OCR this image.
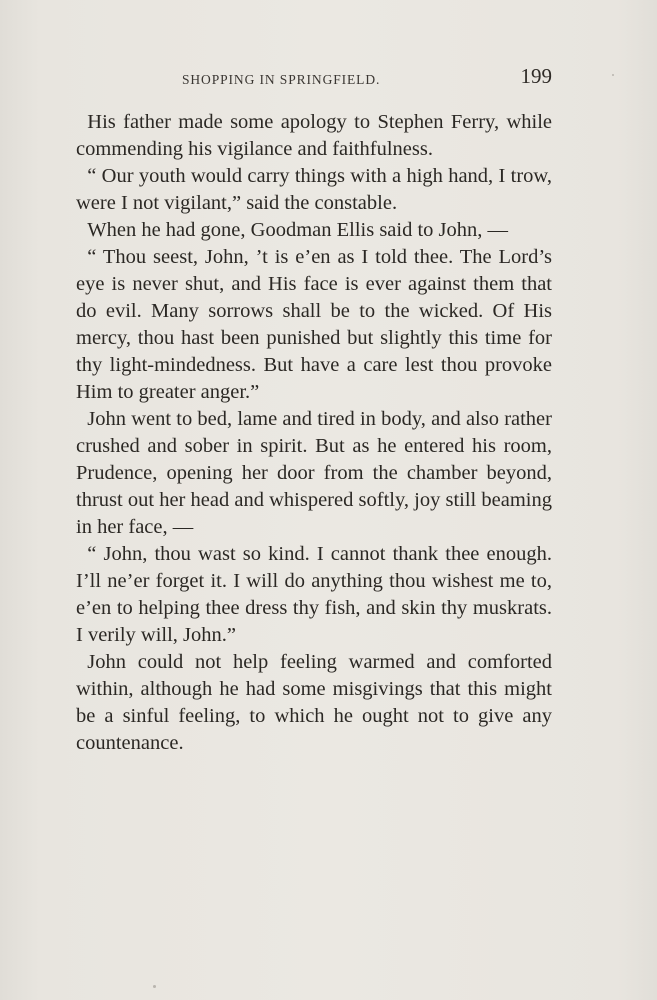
SHOPPING IN SPRINGFIELD.	199

His father made some apology to Stephen Ferry, while commending his vigilance and faithfulness.

“ Our youth would carry things with a high hand, I trow, were I not vigilant,” said the constable.

When he had gone, Goodman Ellis said to John, —

“ Thou seest, John, ’t is e’en as I told thee. The Lord’s eye is never shut, and His face is ever against them that do evil. Many sorrows shall be to the wicked. Of His mercy, thou hast been punished but slightly this time for thy light-mindedness. But have a care lest thou provoke Him to greater anger.”

John went to bed, lame and tired in body, and also rather crushed and sober in spirit. But as he entered his room, Prudence, opening her door from the chamber beyond, thrust out her head and whispered softly, joy still beaming in her face, —

“ John, thou wast so kind. I cannot thank thee enough. I’ll ne’er forget it. I will do anything thou wishest me to, e’en to helping thee dress thy fish, and skin thy muskrats. I verily will, John.”

John could not help feeling warmed and comforted within, although he had some misgivings that this might be a sinful feeling, to which he ought not to give any countenance.
